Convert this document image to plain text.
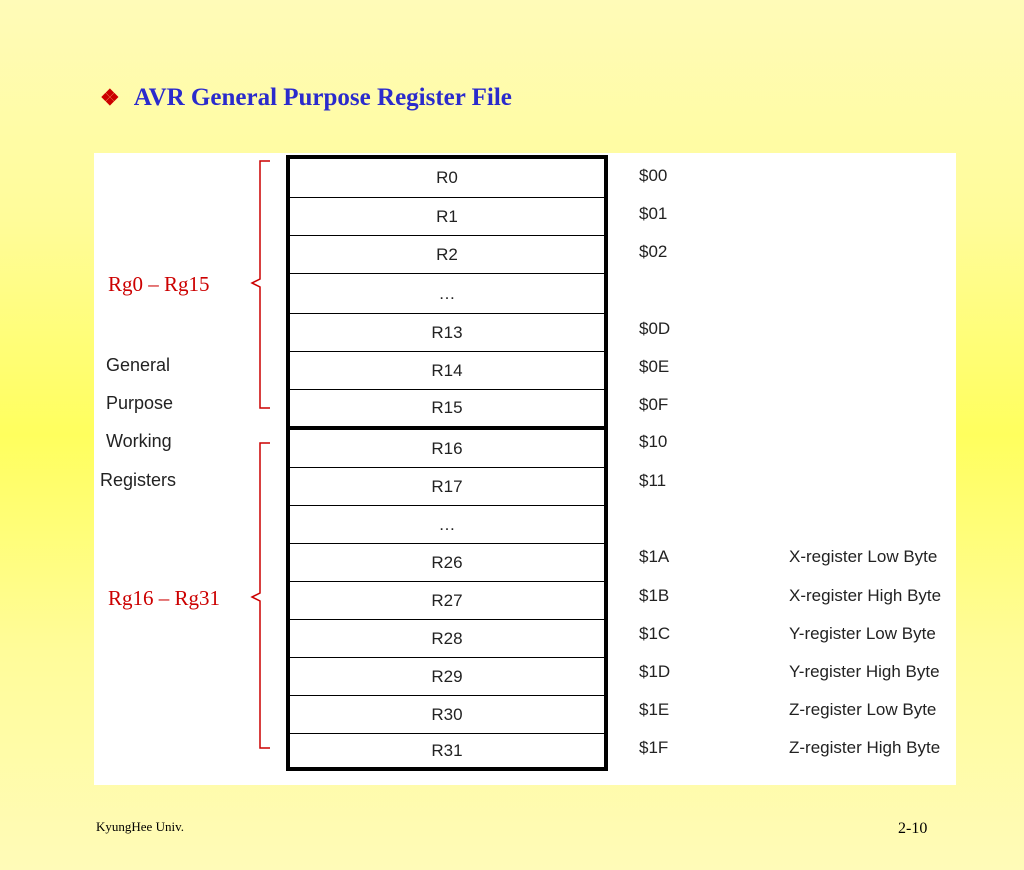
❖ AVR General Purpose Register File
Rg0 – Rg15
Rg16 – Rg31
General
Purpose
Working
Registers
R0
R1
R2
…
R13
R14
R15
R16
R17
…
R26
R27
R28
R29
R30
R31
$00
$01
$02
$0D
$0E
$0F
$10
$11
$1A
$1B
$1C
$1D
$1E
$1F
X-register Low Byte
X-register High Byte
Y-register Low Byte
Y-register High Byte
Z-register Low Byte
Z-register High Byte
KyungHee Univ.	2-10
